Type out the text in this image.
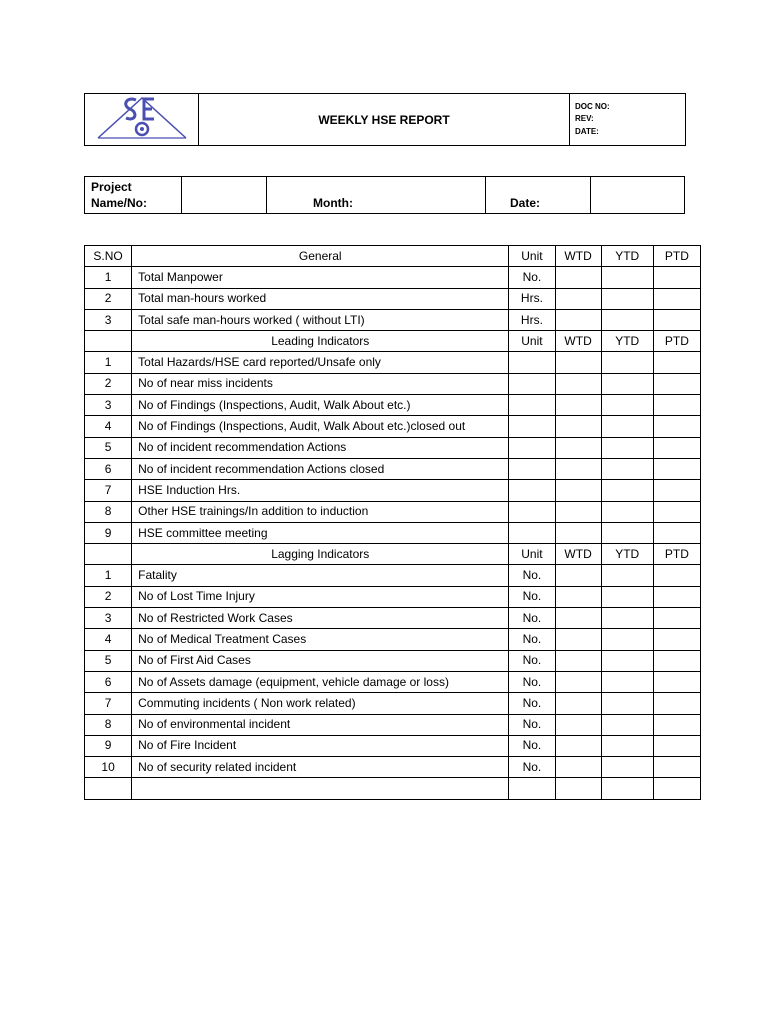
	WEEKLY HSE REPORT	
DOC NO:
REV:
DATE:
Project Name/No:		Month:	Date:	
S.NO	General	Unit	WTD	YTD	PTD
1	Total Manpower	No.			
2	Total man-hours worked	Hrs.			
3	Total safe man-hours worked ( without LTI)	Hrs.			
	Leading Indicators	Unit	WTD	YTD	PTD
1	Total Hazards/HSE card reported/Unsafe only				
2	No of near miss incidents				
3	No of Findings (Inspections, Audit, Walk About etc.)				
4	No of Findings (Inspections, Audit, Walk About etc.)closed out				
5	No of incident recommendation Actions				
6	No of incident recommendation Actions closed				
7	HSE Induction Hrs.				
8	Other HSE trainings/In addition to induction				
9	HSE committee meeting				
	Lagging Indicators	Unit	WTD	YTD	PTD
1	Fatality	No.			
2	No of Lost Time Injury	No.			
3	No of Restricted Work Cases	No.			
4	No of Medical Treatment Cases	No.			
5	No of First Aid Cases	No.			
6	No of Assets damage (equipment, vehicle damage or loss)	No.			
7	Commuting incidents ( Non work related)	No.			
8	No of environmental incident	No.			
9	No of Fire Incident	No.			
10	No of security related incident	No.			
